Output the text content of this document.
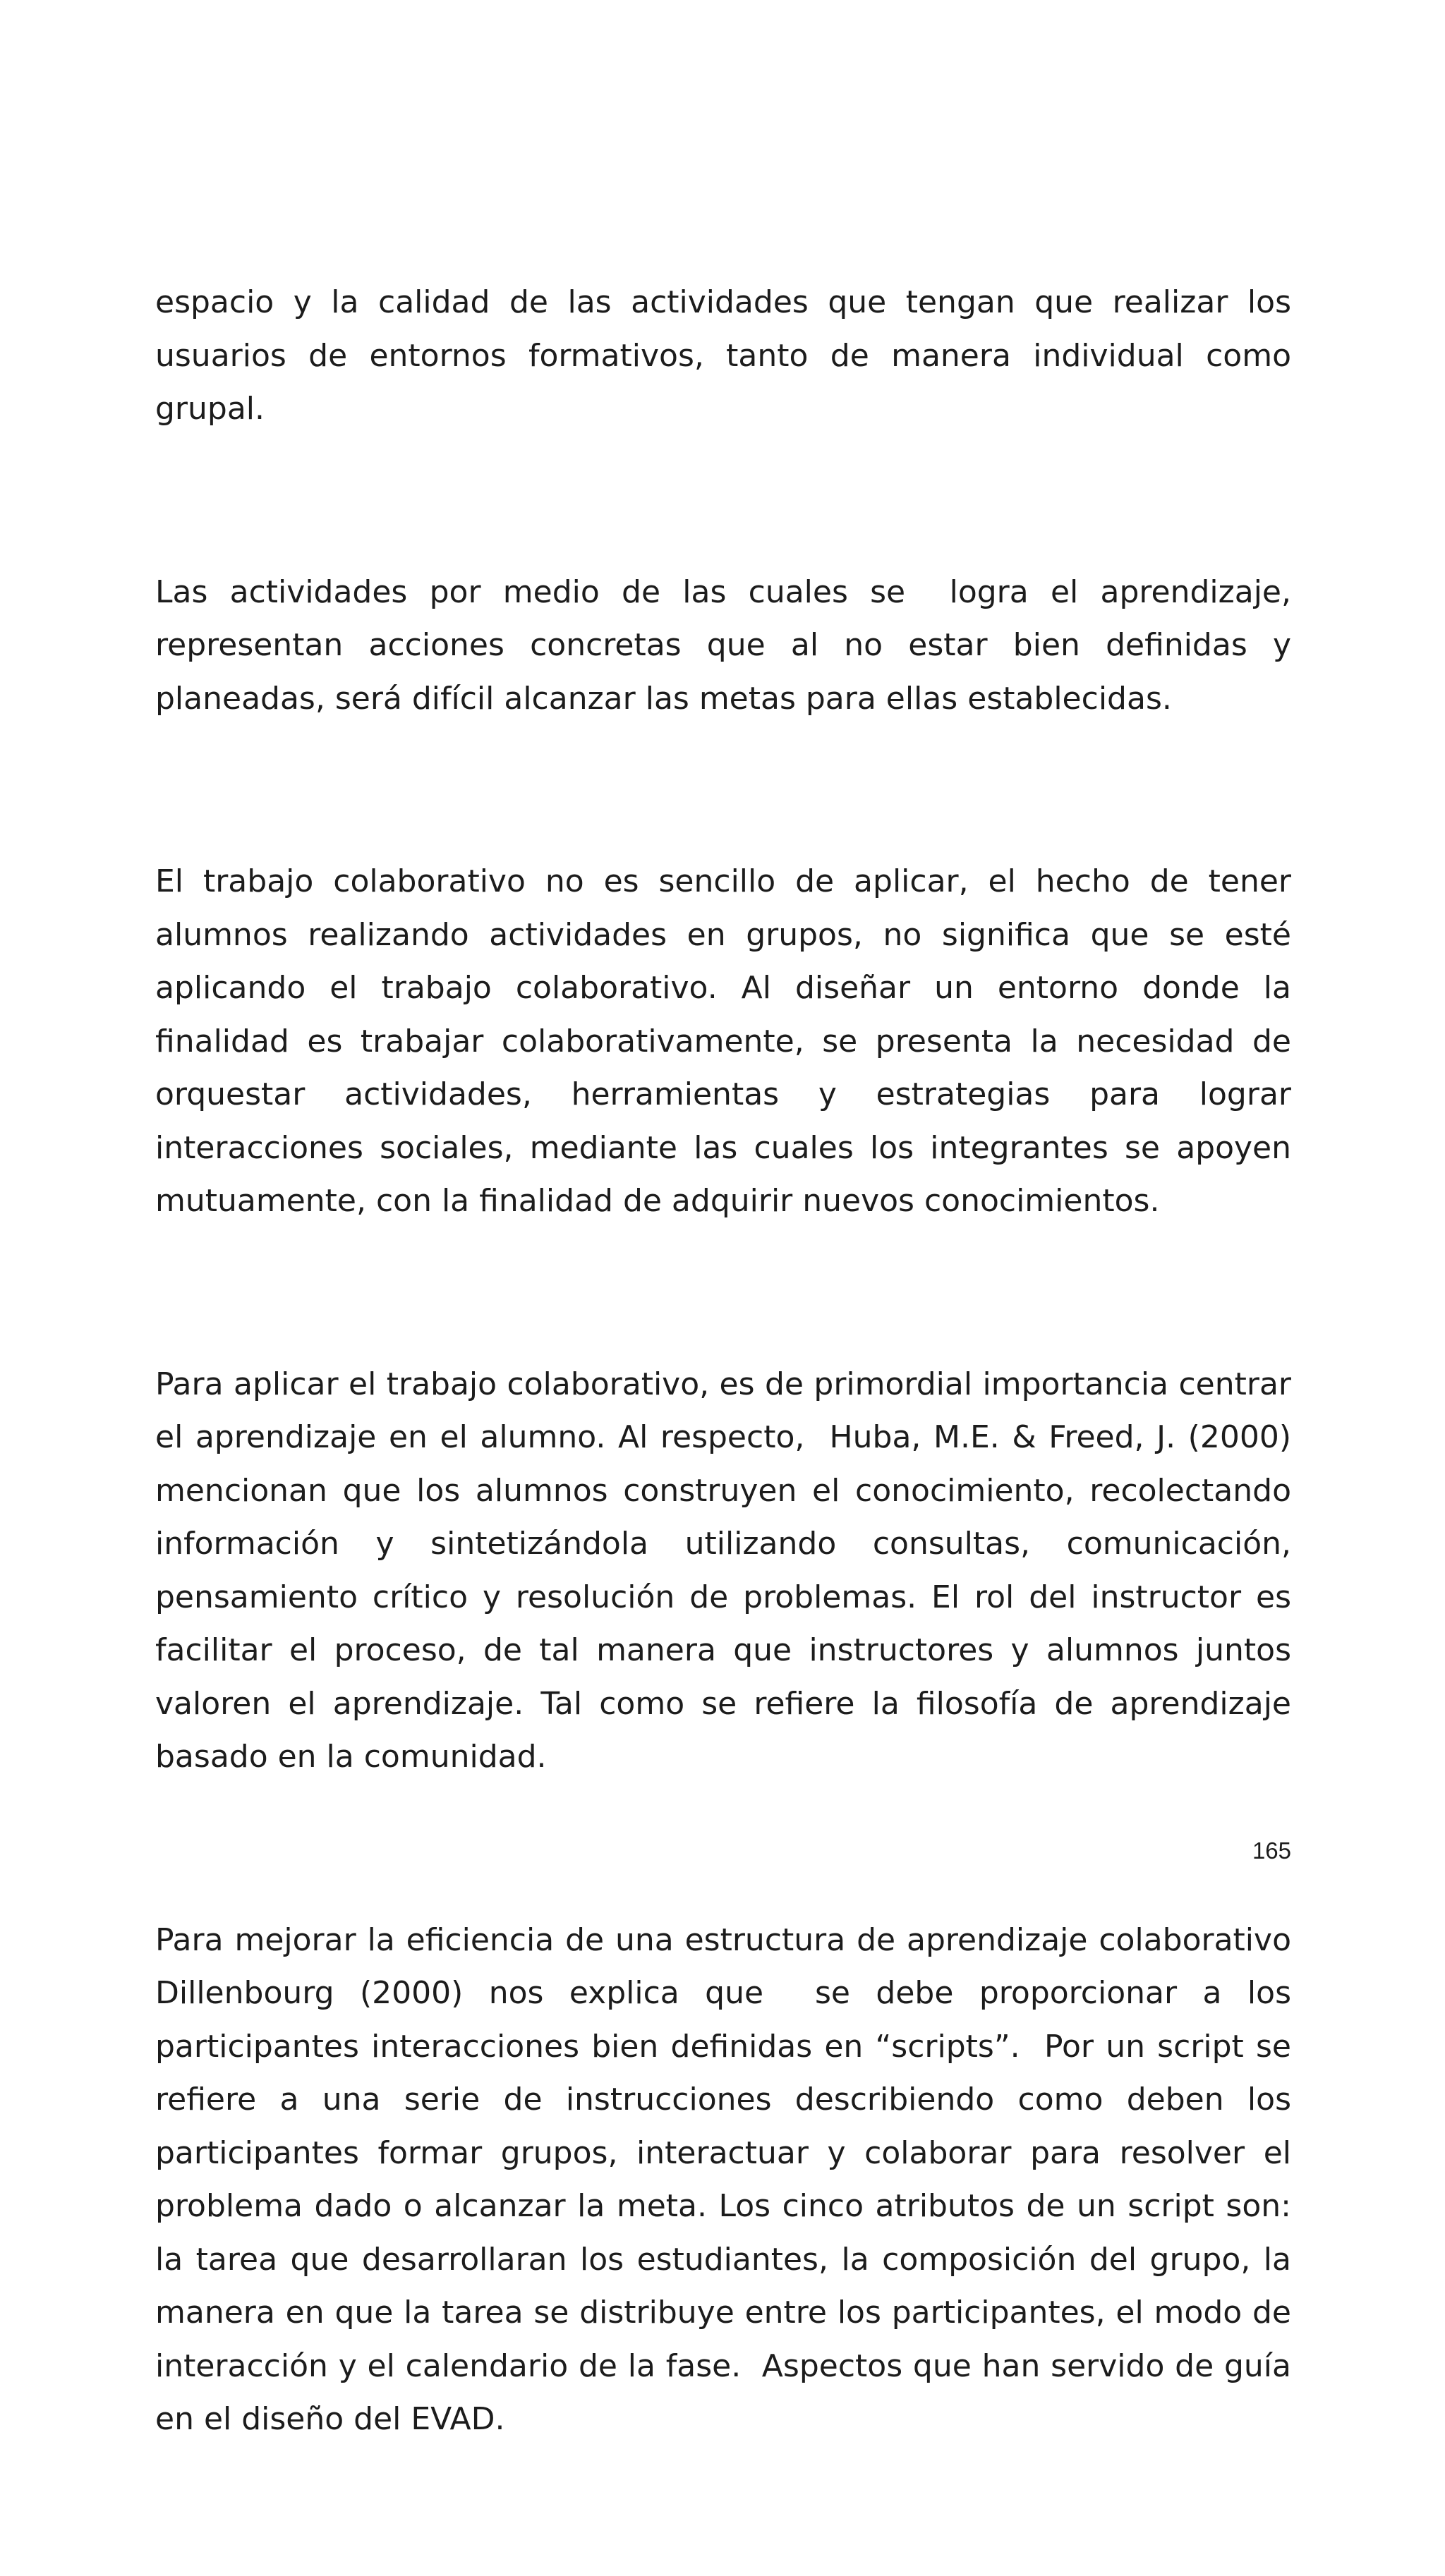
espacio y la calidad de las actividades que tengan que realizar los usuarios de entornos formativos, tanto de manera individual como grupal.

Las actividades por medio de las cuales se  logra el aprendizaje, representan acciones concretas que al no estar bien definidas y planeadas, será difícil alcanzar las metas para ellas establecidas.

El trabajo colaborativo no es sencillo de aplicar, el hecho de tener alumnos realizando actividades en grupos, no significa que se esté aplicando el trabajo colaborativo. Al diseñar un entorno donde la finalidad es trabajar colaborativamente, se presenta la necesidad de orquestar actividades, herramientas y estrategias para lograr interacciones sociales, mediante las cuales los integrantes se apoyen mutuamente, con la finalidad de adquirir nuevos conocimientos.

Para aplicar el trabajo colaborativo, es de primordial importancia centrar el aprendizaje en el alumno. Al respecto,  Huba, M.E. & Freed, J. (2000) mencionan que los alumnos construyen el conocimiento, recolectando información y sintetizándola utilizando consultas, comunicación, pensamiento crítico y resolución de problemas. El rol del instructor es facilitar el proceso, de tal manera que instructores y alumnos juntos valoren el aprendizaje. Tal como se refiere la filosofía de aprendizaje basado en la comunidad.

Para mejorar la eficiencia de una estructura de aprendizaje colaborativo Dillenbourg (2000) nos explica que  se debe proporcionar a los participantes interacciones bien definidas en “scripts”.  Por un script se refiere a una serie de instrucciones describiendo como deben los participantes formar grupos, interactuar y colaborar para resolver el problema dado o alcanzar la meta. Los cinco atributos de un script son: la tarea que desarrollaran los estudiantes, la composición del grupo, la manera en que la tarea se distribuye entre los participantes, el modo de interacción y el calendario de la fase.  Aspectos que han servido de guía en el diseño del EVAD.

165
